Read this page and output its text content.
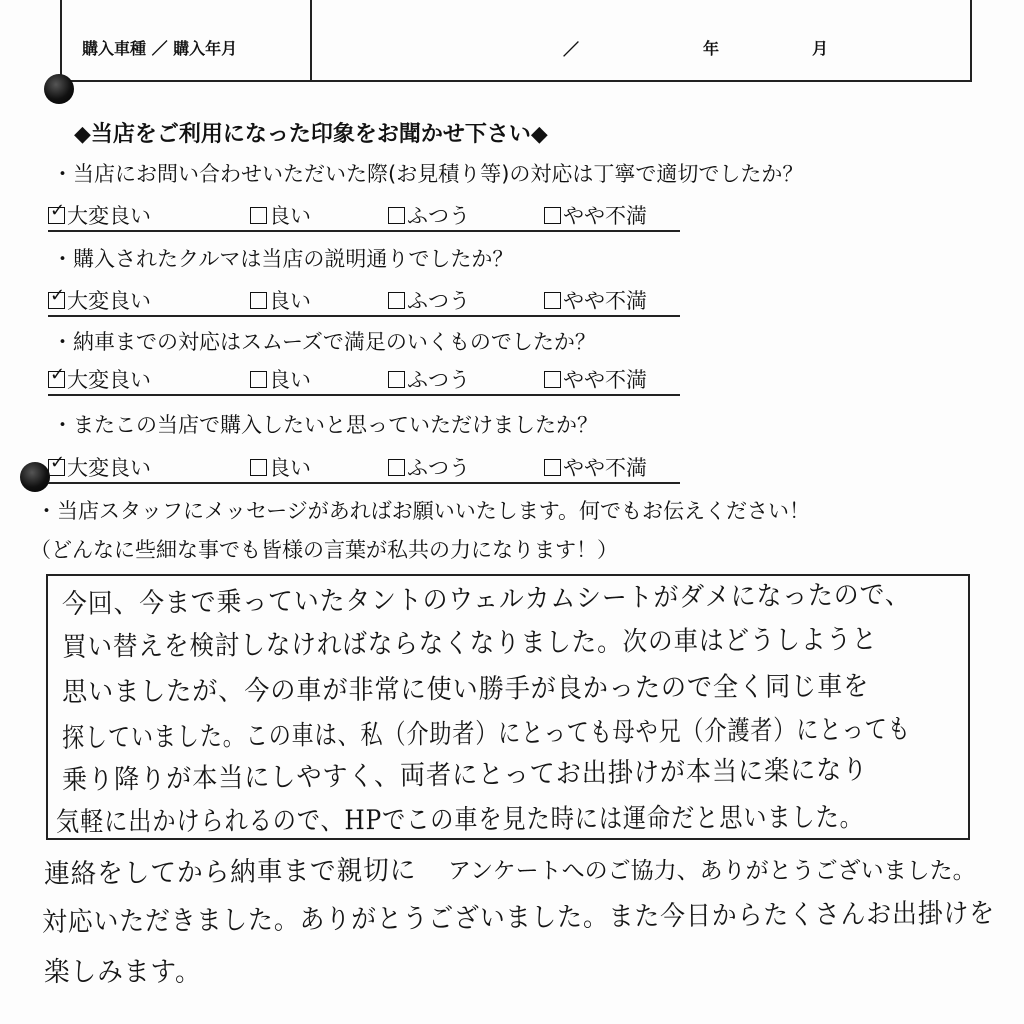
購入車種 ／ 購入年月	／	年	月
◆当店をご利用になった印象をお聞かせ下さい◆
・当店にお問い合わせいただいた際(お見積り等)の対応は丁寧で適切でしたか？
✓ 大変良い	良い	ふつう	やや不満
・購入されたクルマは当店の説明通りでしたか？
✓ 大変良い	良い	ふつう	やや不満
・納車までの対応はスムーズで満足のいくものでしたか？
✓ 大変良い	良い	ふつう	やや不満
・またこの当店で購入したいと思っていただけましたか？
✓ 大変良い	良い	ふつう	やや不満
・当店スタッフにメッセージがあればお願いいたします。何でもお伝えください！
（どんなに些細な事でも皆様の言葉が私共の力になります！）
今回、今まで乗っていたタントのウェルカムシートがダメになったので、
買い替えを検討しなければならなくなりました。次の車はどうしようと
思いましたが、今の車が非常に使い勝手が良かったので全く同じ車を
探していました。この車は、私（介助者）にとっても母や兄（介護者）にとっても
乗り降りが本当にしやすく、両者にとってお出掛けが本当に楽になり
気軽に出かけられるので、HPでこの車を見た時には運命だと思いました。
連絡をしてから納車まで親切に アンケートへのご協力、ありがとうございました。
対応いただきました。ありがとうございました。また今日からたくさんお出掛けを
楽しみます。
